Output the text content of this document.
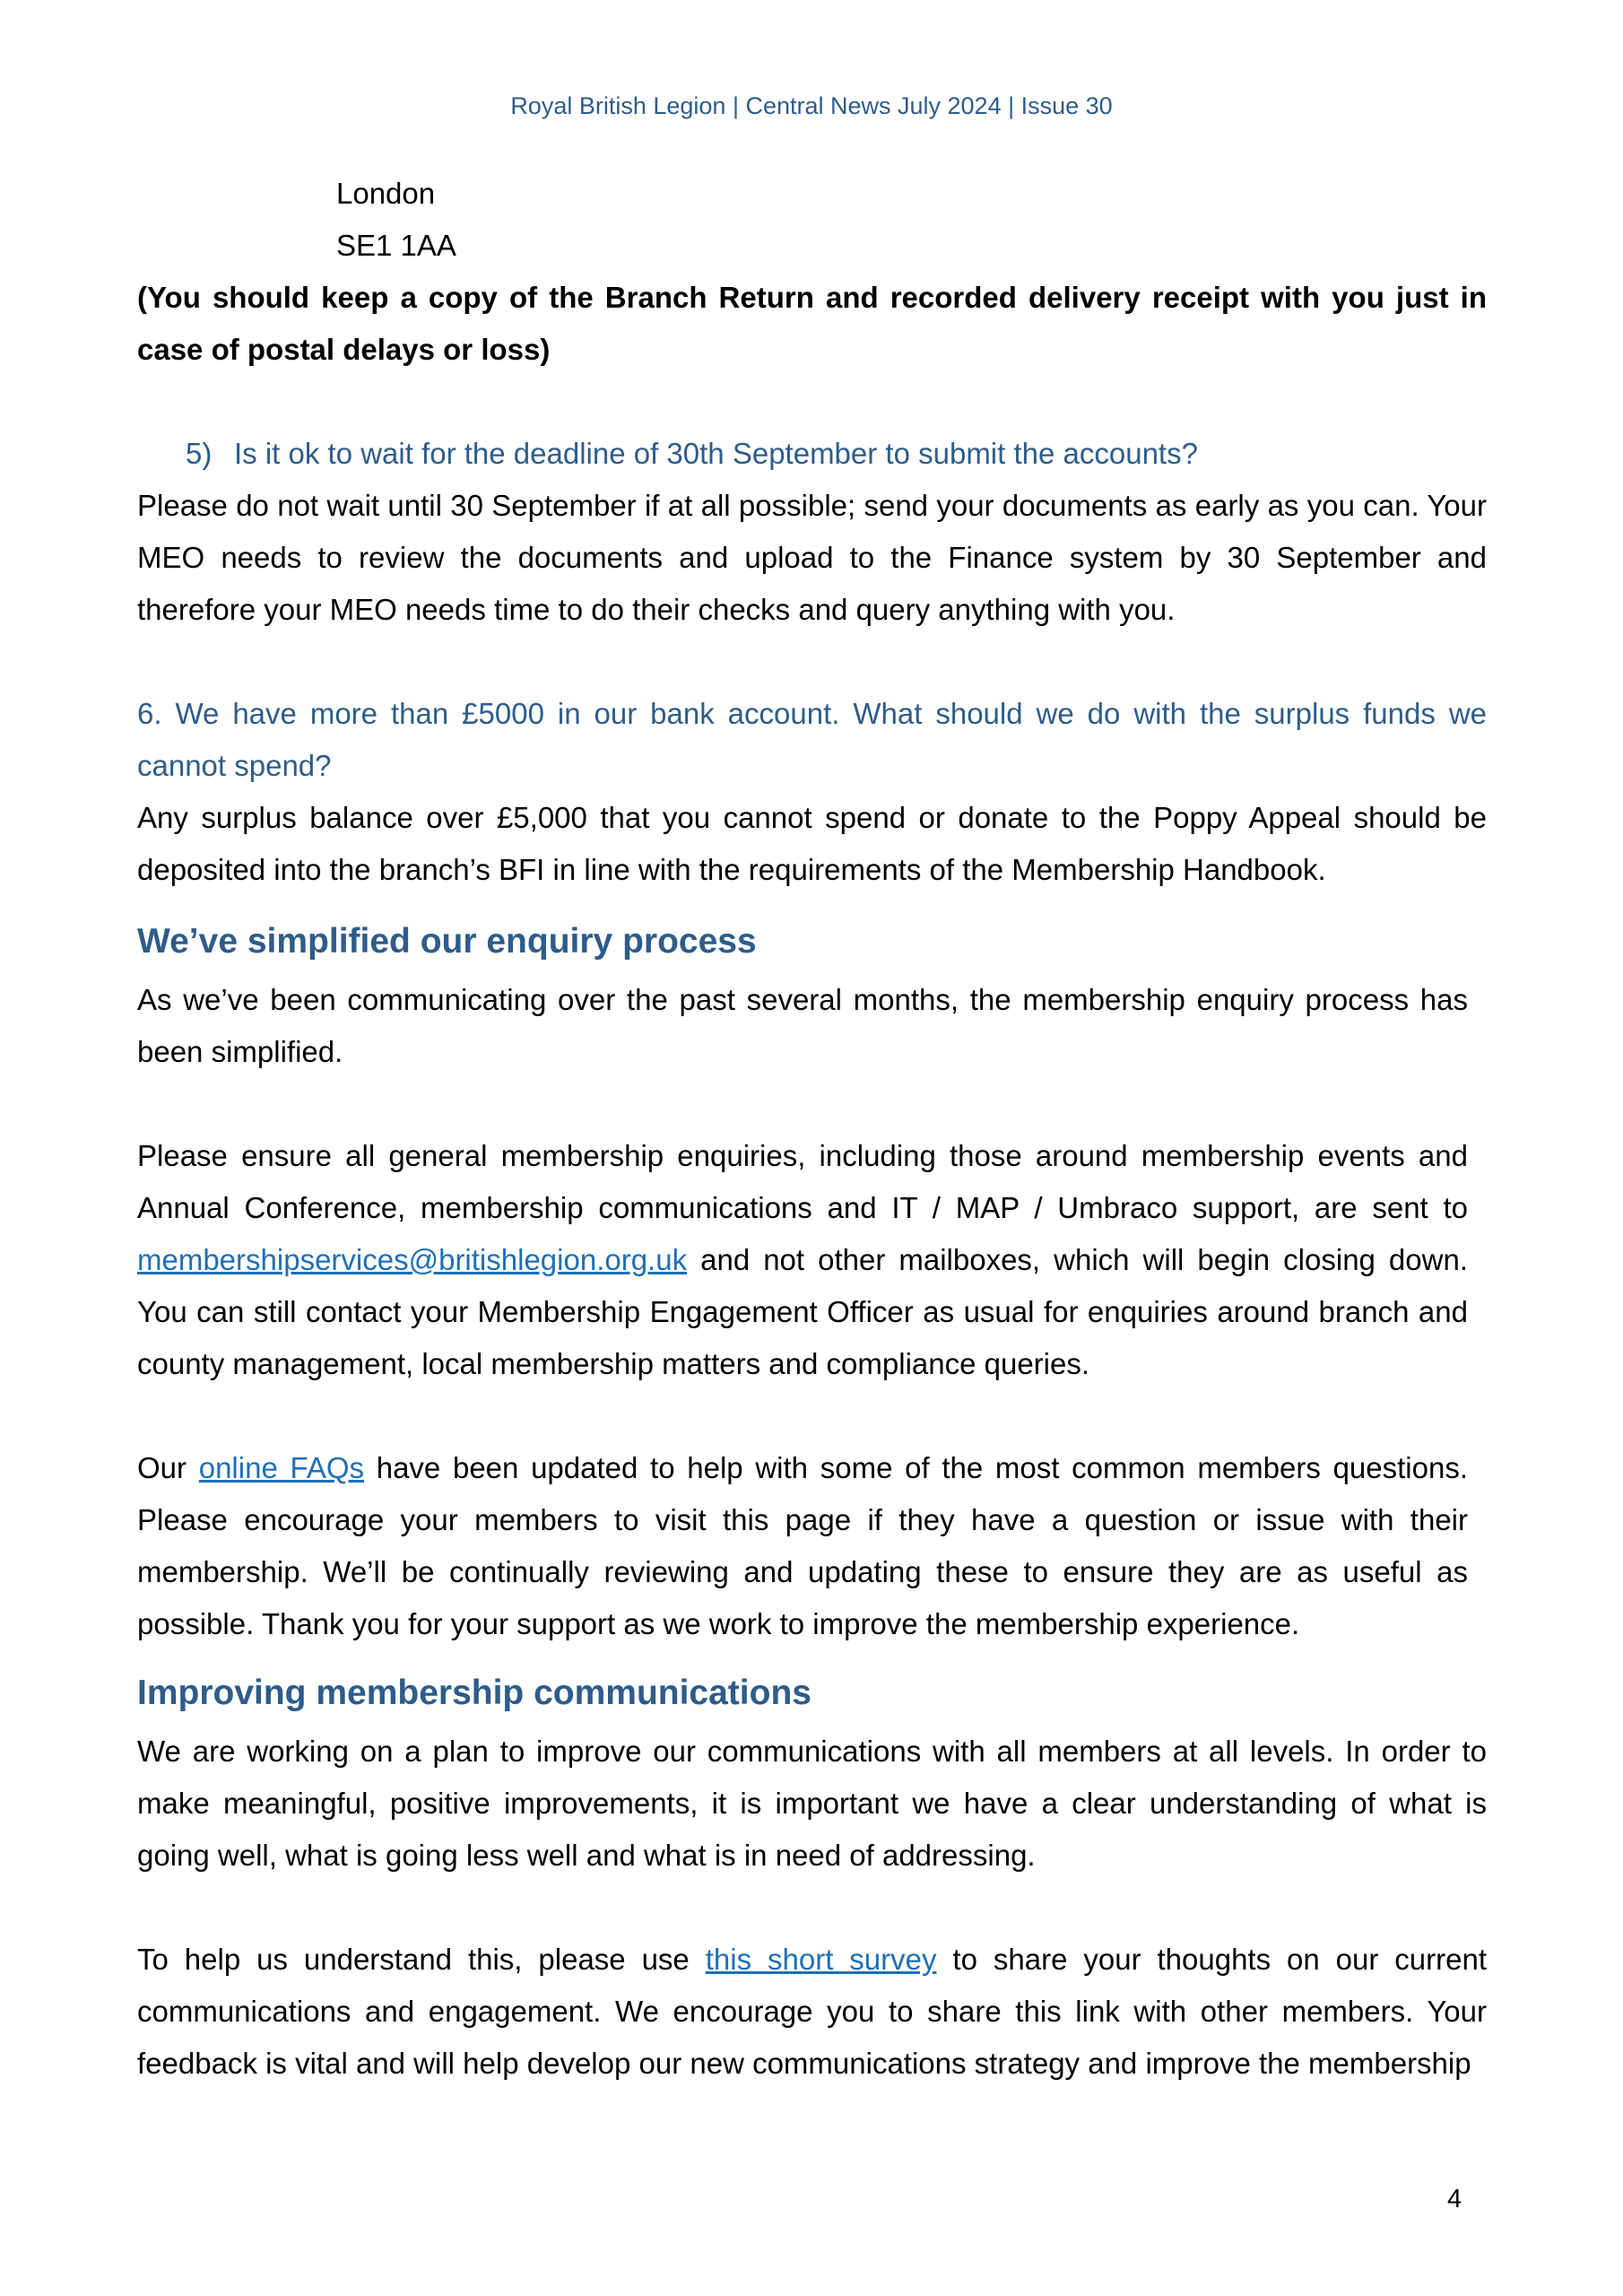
Royal British Legion | Central News July 2024 | Issue 30

London

SE1 1AA

(You should keep a copy of the Branch Return and recorded delivery receipt with you just in case of postal delays or loss)

5) Is it ok to wait for the deadline of 30th September to submit the accounts?

Please do not wait until 30 September if at all possible; send your documents as early as you can. Your MEO needs to review the documents and upload to the Finance system by 30 September and therefore your MEO needs time to do their checks and query anything with you.

6. We have more than £5000 in our bank account. What should we do with the surplus funds we cannot spend?

Any surplus balance over £5,000 that you cannot spend or donate to the Poppy Appeal should be deposited into the branch’s BFI in line with the requirements of the Membership Handbook.

We’ve simplified our enquiry process

As we’ve been communicating over the past several months, the membership enquiry process has been simplified.

Please ensure all general membership enquiries, including those around membership events and Annual Conference, membership communications and IT / MAP / Umbraco support, are sent to membershipservices@britishlegion.org.uk and not other mailboxes, which will begin closing down. You can still contact your Membership Engagement Officer as usual for enquiries around branch and county management, local membership matters and compliance queries.

Our online FAQs have been updated to help with some of the most common members questions. Please encourage your members to visit this page if they have a question or issue with their membership. We’ll be continually reviewing and updating these to ensure they are as useful as possible. Thank you for your support as we work to improve the membership experience.

Improving membership communications

We are working on a plan to improve our communications with all members at all levels. In order to make meaningful, positive improvements, it is important we have a clear understanding of what is going well, what is going less well and what is in need of addressing.

To help us understand this, please use this short survey to share your thoughts on our current communications and engagement. We encourage you to share this link with other members. Your feedback is vital and will help develop our new communications strategy and improve the membership

4
